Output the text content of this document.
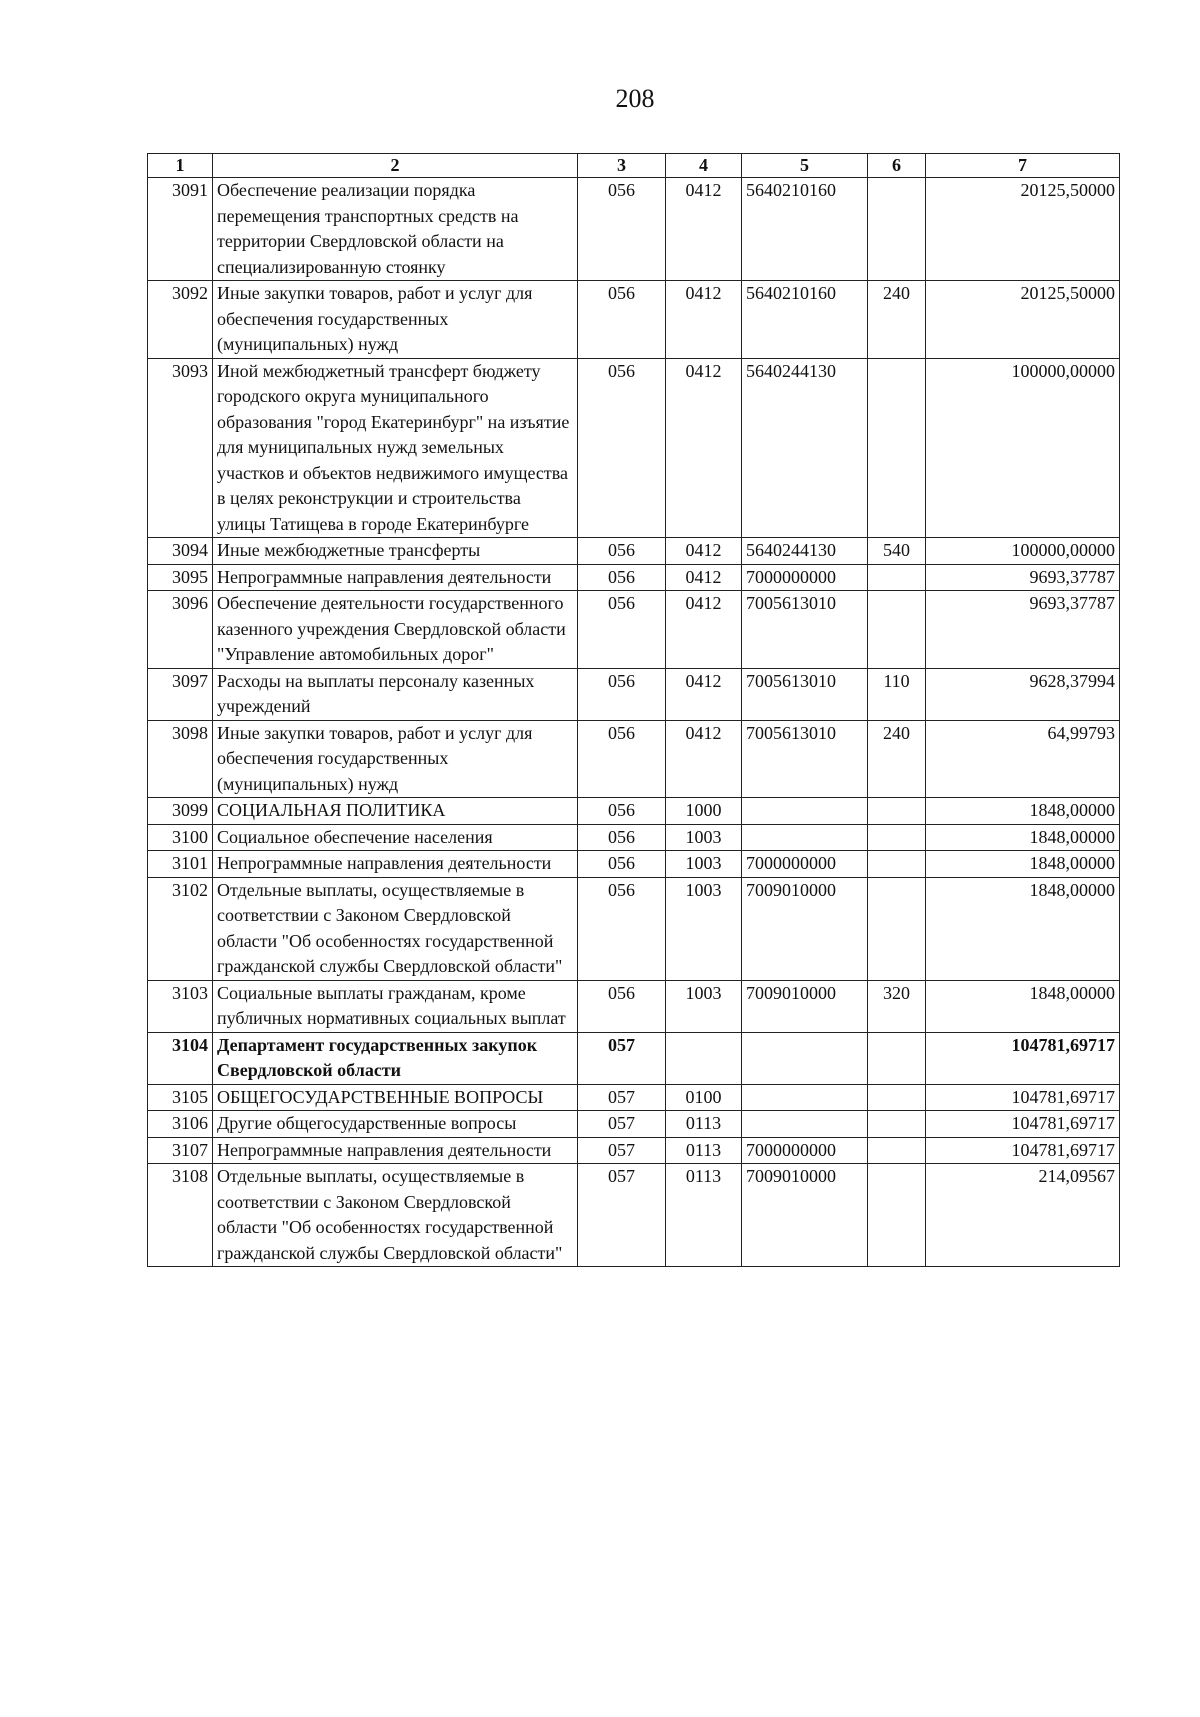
208
1	2	3	4	5	6	7
3091	Обеспечение реализации порядка перемещения транспортных средств на территории Свердловской области на специализированную стоянку	056	0412	5640210160		20125,50000
3092	Иные закупки товаров, работ и услуг для обеспечения государственных (муниципальных) нужд	056	0412	5640210160	240	20125,50000
3093	Иной межбюджетный трансферт бюджету городского округа муниципального образования "город Екатеринбург" на изъятие для муниципальных нужд земельных участков и объектов недвижимого имущества в целях реконструкции и строительства улицы Татищева в городе Екатеринбурге	056	0412	5640244130		100000,00000
3094	Иные межбюджетные трансферты	056	0412	5640244130	540	100000,00000
3095	Непрограммные направления деятельности	056	0412	7000000000		9693,37787
3096	Обеспечение деятельности государственного казенного учреждения Свердловской области "Управление автомобильных дорог"	056	0412	7005613010		9693,37787
3097	Расходы на выплаты персоналу казенных учреждений	056	0412	7005613010	110	9628,37994
3098	Иные закупки товаров, работ и услуг для обеспечения государственных (муниципальных) нужд	056	0412	7005613010	240	64,99793
3099	СОЦИАЛЬНАЯ ПОЛИТИКА	056	1000			1848,00000
3100	Социальное обеспечение населения	056	1003			1848,00000
3101	Непрограммные направления деятельности	056	1003	7000000000		1848,00000
3102	Отдельные выплаты, осуществляемые в соответствии с Законом Свердловской области "Об особенностях государственной гражданской службы Свердловской области"	056	1003	7009010000		1848,00000
3103	Социальные выплаты гражданам, кроме публичных нормативных социальных выплат	056	1003	7009010000	320	1848,00000
3104	Департамент государственных закупок Свердловской области	057				104781,69717
3105	ОБЩЕГОСУДАРСТВЕННЫЕ ВОПРОСЫ	057	0100			104781,69717
3106	Другие общегосударственные вопросы	057	0113			104781,69717
3107	Непрограммные направления деятельности	057	0113	7000000000		104781,69717
3108	Отдельные выплаты, осуществляемые в соответствии с Законом Свердловской области "Об особенностях государственной гражданской службы Свердловской области"	057	0113	7009010000		214,09567
